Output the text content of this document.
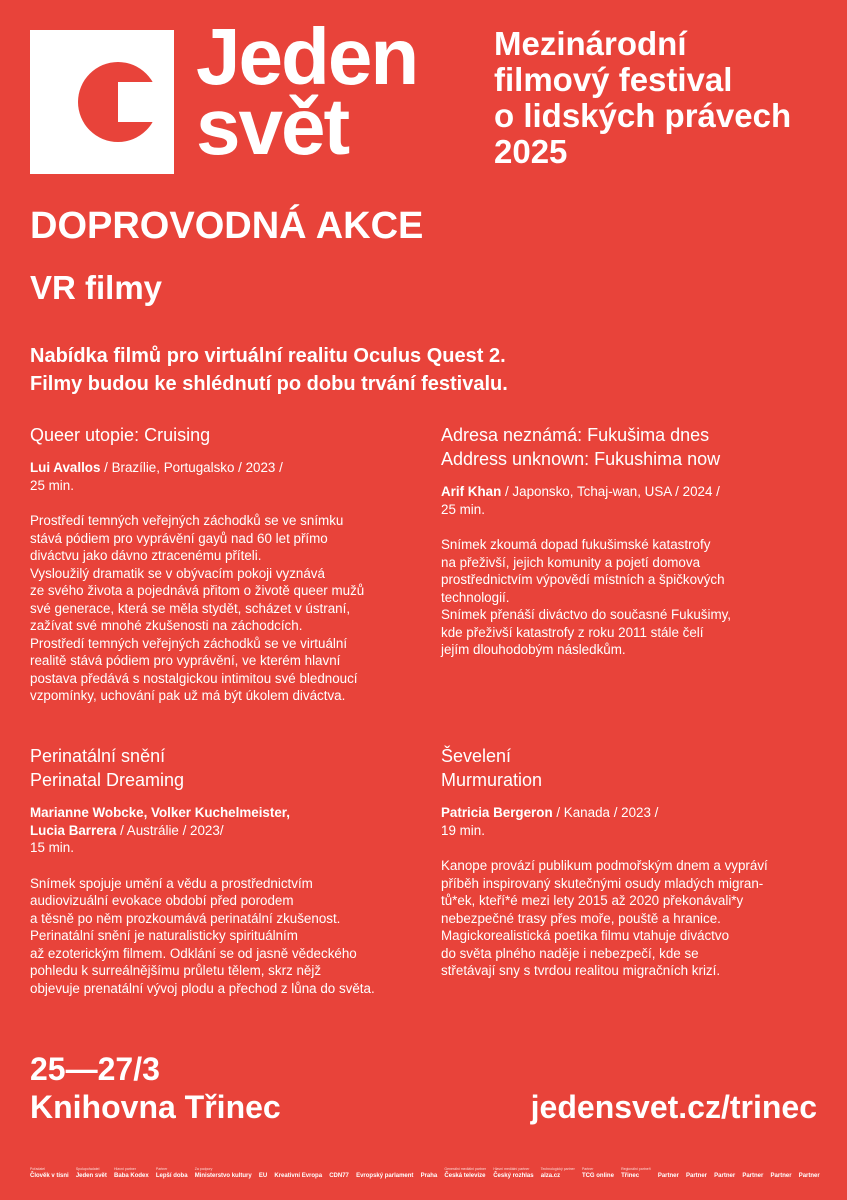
Jeden
svět
Mezinárodní
filmový festival
o lidských právech
2025
DOPROVODNÁ AKCE
VR filmy
Nabídka filmů pro virtuální realitu Oculus Quest 2.
Filmy budou ke shlédnutí po dobu trvání festivalu.
Queer utopie: Cruising
Lui Avallos / Brazílie, Portugalsko / 2023 /
25 min.
Prostředí temných veřejných záchodků se ve snímku
stává pódiem pro vyprávění gayů nad 60 let přímo
diváctvu jako dávno ztracenému příteli.
Vysloužilý dramatik se v obývacím pokoji vyznává
ze svého života a pojednává přitom o životě queer mužů
své generace, která se měla stydět, scházet v ústraní,
zažívat své mnohé zkušenosti na záchodcích.
Prostředí temných veřejných záchodků se ve virtuální
realitě stává pódiem pro vyprávění, ve kterém hlavní
postava předává s nostalgickou intimitou své blednoucí
vzpomínky, uchování pak už má být úkolem diváctva.
Adresa neznámá: Fukušima dnes
Address unknown: Fukushima now
Arif Khan / Japonsko, Tchaj-wan, USA / 2024 /
25 min.
Snímek zkoumá dopad fukušimské katastrofy
na přeživší, jejich komunity a pojetí domova
prostřednictvím výpovědí místních a špičkových
technologií.
Snímek přenáší diváctvo do současné Fukušimy,
kde přeživší katastrofy z roku 2011 stále čelí
jejím dlouhodobým následkům.
Perinatální snění
Perinatal Dreaming
Marianne Wobcke, Volker Kuchelmeister,
Lucia Barrera / Austrálie / 2023/
15 min.
Snímek spojuje umění a vědu a prostřednictvím
audiovizuální evokace období před porodem
a těsně po něm prozkoumává perinatální zkušenost.
Perinatální snění je naturalisticky spirituálním
až ezoterickým filmem. Odklání se od jasně vědeckého
pohledu k surreálnějšímu průletu tělem, skrz nějž
objevuje prenatální vývoj plodu a přechod z lůna do světa.
Ševelení
Murmuration
Patricia Bergeron / Kanada / 2023 /
19 min.
Kanope provází publikum podmořským dnem a vypráví
příběh inspirovaný skutečnými osudy mladých migran-
tů*ek, kteří*é mezi lety 2015 až 2020 překonávali*y
nebezpečné trasy přes moře, pouště a hranice.
Magickorealistická poetika filmu vtahuje diváctvo
do světa plného naděje i nebezpečí, kde se
střetávají sny s tvrdou realitou migračních krizí.
25—27/3
Knihovna Třinec	jedensvet.cz/trinec
Pořadatel
Člověk v tísni
Spolupořadatel
Jeden svět
Hlavní partner
Baba Kodex
Partner
Lepší doba
Za podpory
Ministerstvo kultury EU Kreativní Evropa CDN77 Evropský parlament Praha
Generální mediální partner
Česká televize
Hlavní mediální partner
Český rozhlas
Technologický partner
alza.cz
Partner
TCG online
Regionální partneři
Třinec	Partner Partner Partner Partner Partner Partner
